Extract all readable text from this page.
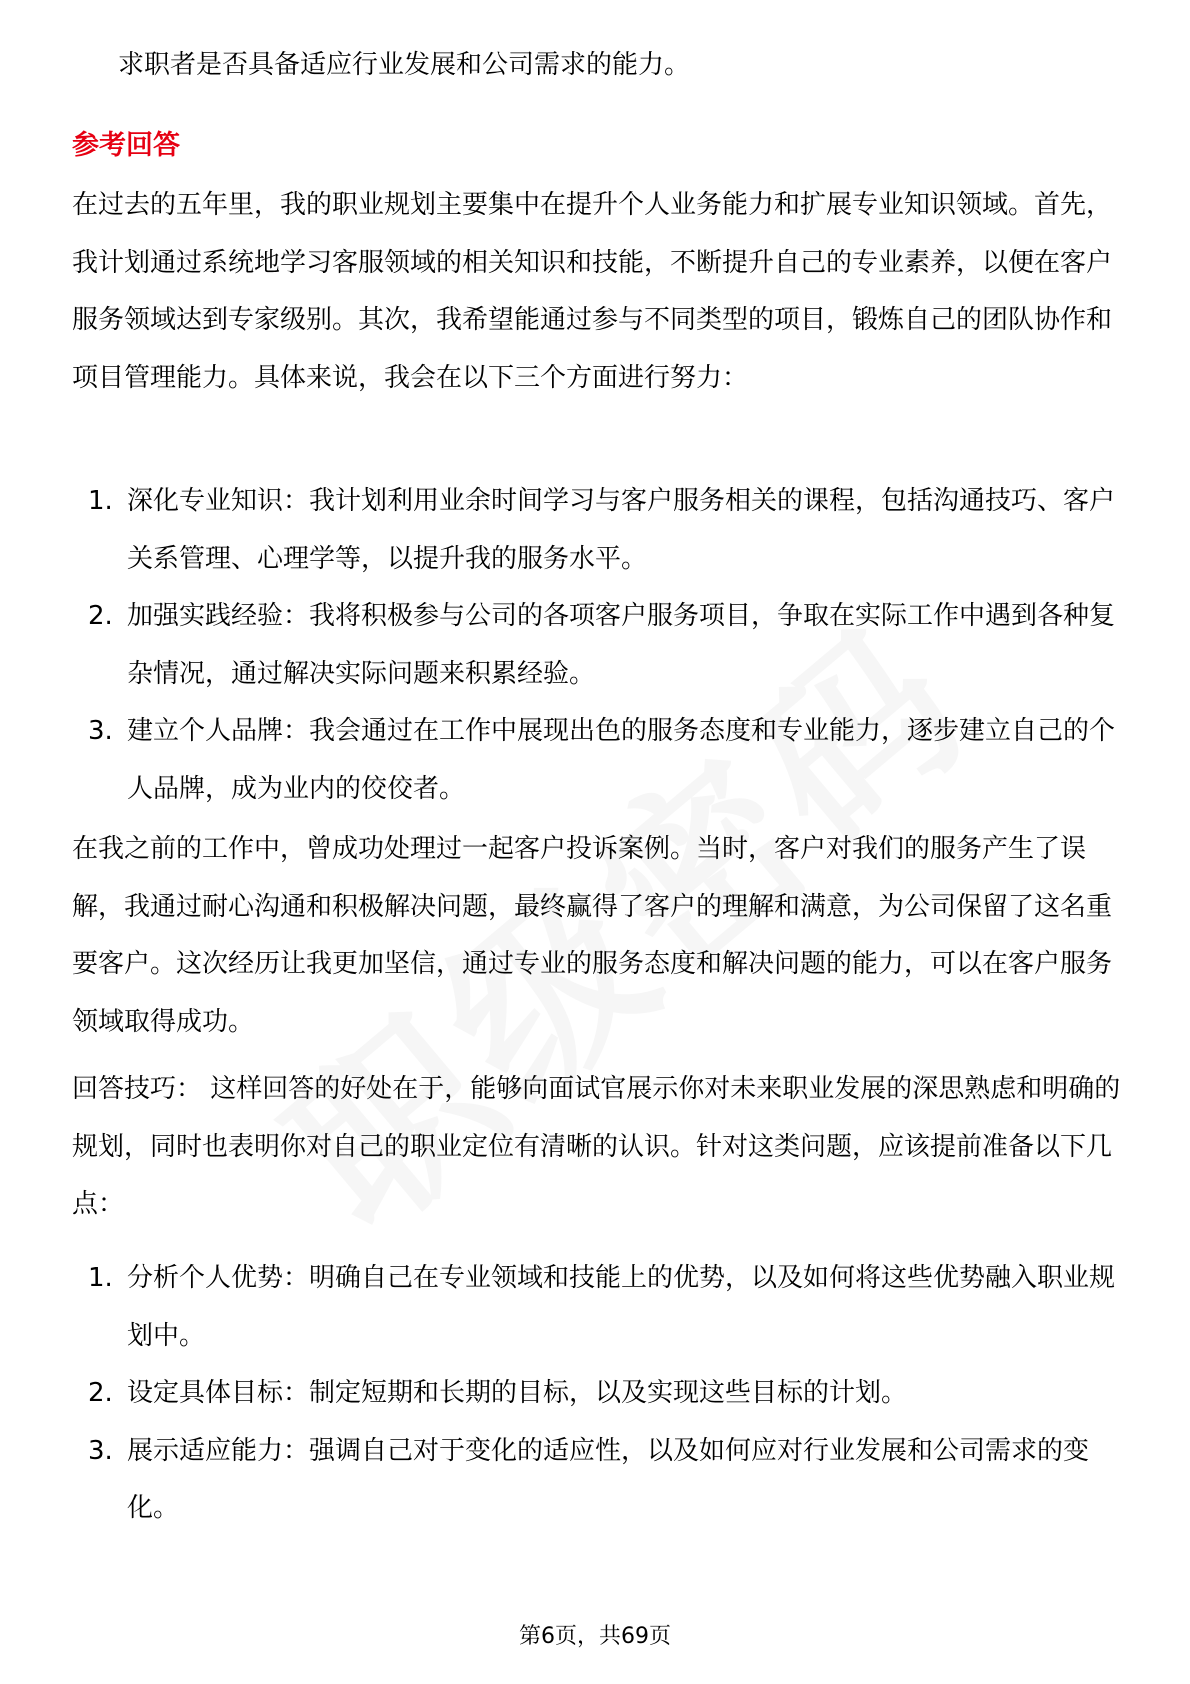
求职者是否具备适应行业发展和公司需求的能力。
参考回答
在过去的五年里，我的职业规划主要集中在提升个人业务能力和扩展专业知识领域。首先，我计划通过系统地学习客服领域的相关知识和技能，不断提升自己的专业素养，以便在客户服务领域达到专家级别。其次，我希望能通过参与不同类型的项目，锻炼自己的团队协作和项目管理能力。具体来说，我会在以下三个方面进行努力：
1. 深化专业知识：我计划利用业余时间学习与客户服务相关的课程，包括沟通技巧、客户关系管理、心理学等，以提升我的服务水平。
2. 加强实践经验：我将积极参与公司的各项客户服务项目，争取在实际工作中遇到各种复杂情况，通过解决实际问题来积累经验。
3. 建立个人品牌：我会通过在工作中展现出色的服务态度和专业能力，逐步建立自己的个人品牌，成为业内的佼佼者。
在我之前的工作中，曾成功处理过一起客户投诉案例。当时，客户对我们的服务产生了误解，我通过耐心沟通和积极解决问题，最终赢得了客户的理解和满意，为公司保留了这名重要客户。这次经历让我更加坚信，通过专业的服务态度和解决问题的能力，可以在客户服务领域取得成功。
回答技巧： 这样回答的好处在于，能够向面试官展示你对未来职业发展的深思熟虑和明确的规划，同时也表明你对自己的职业定位有清晰的认识。针对这类问题，应该提前准备以下几点：
1. 分析个人优势：明确自己在专业领域和技能上的优势，以及如何将这些优势融入职业规划中。
2. 设定具体目标：制定短期和长期的目标，以及实现这些目标的计划。
3. 展示适应能力：强调自己对于变化的适应性，以及如何应对行业发展和公司需求的变化。
第6页，共69页
